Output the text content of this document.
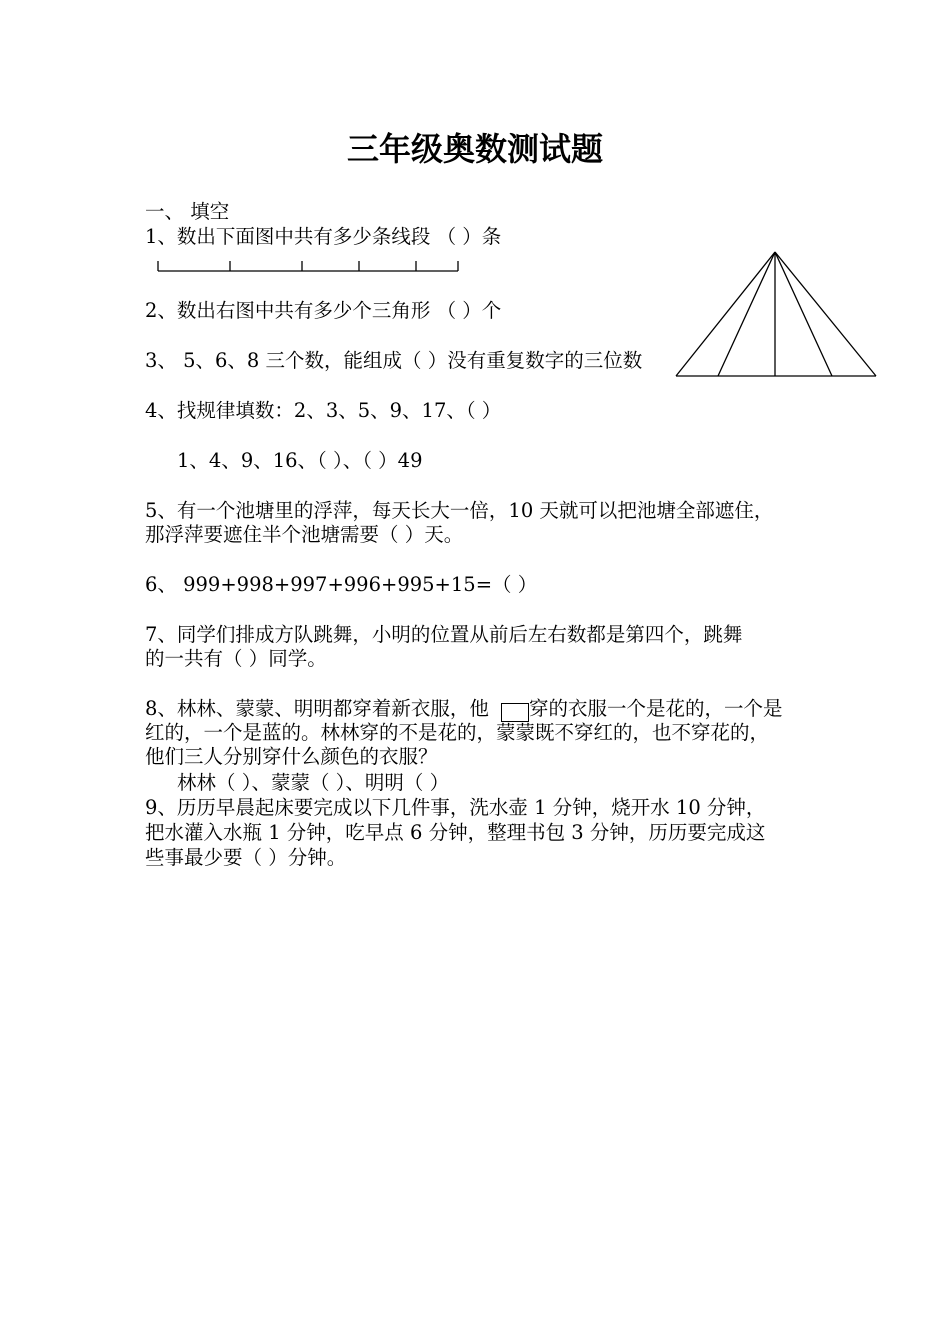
三年级奥数测试题
一、 填空
1、数出下面图中共有多少条线段 （ ）条
2、数出右图中共有多少个三角形 （ ）个
3、 5、6、8 三个数，能组成（ ）没有重复数字的三位数
4、找规律填数：2、3、5、9、17、（ ）
1、4、9、16、（ ）、（ ）49
5、有一个池塘里的浮萍，每天长大一倍，10 天就可以把池塘全部遮住，
那浮萍要遮住半个池塘需要（ ）天。
6、 999+998+997+996+995+15=（ ）
7、同学们排成方队跳舞，小明的位置从前后左右数都是第四个，跳舞
的一共有（ ）同学。
8、林林、蒙蒙、明明都穿着新衣服，他 穿的衣服一个是花的，一个是
红的，一个是蓝的。林林穿的不是花的，蒙蒙既不穿红的，也不穿花的，
他们三人分别穿什么颜色的衣服？
林林（ ）、蒙蒙（ ）、明明（ ）
9、历历早晨起床要完成以下几件事，洗水壶 1 分钟，烧开水 10 分钟，
把水灌入水瓶 1 分钟，吃早点 6 分钟，整理书包 3 分钟，历历要完成这
些事最少要（ ）分钟。
